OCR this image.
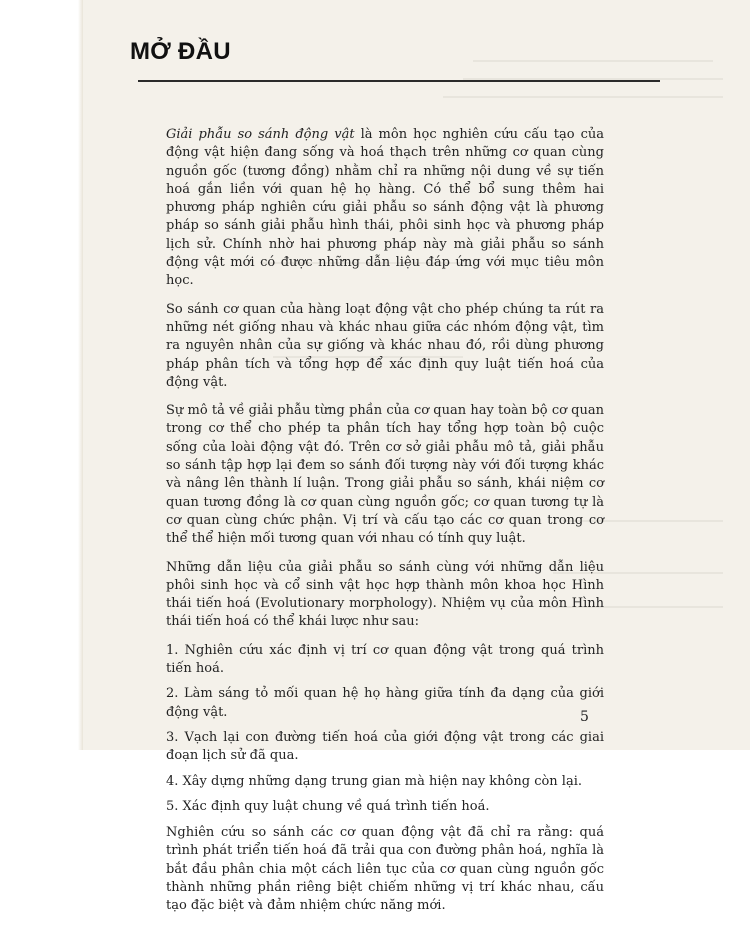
MỞ ĐẦU

Giải phẫu so sánh động vật là môn học nghiên cứu cấu tạo của động vật hiện đang sống và hoá thạch trên những cơ quan cùng nguồn gốc (tương đồng) nhằm chỉ ra những nội dung về sự tiến hoá gắn liền với quan hệ họ hàng. Có thể bổ sung thêm hai phương pháp nghiên cứu giải phẫu so sánh động vật là phương pháp so sánh giải phẫu hình thái, phôi sinh học và phương pháp lịch sử. Chính nhờ hai phương pháp này mà giải phẫu so sánh động vật mới có được những dẫn liệu đáp ứng với mục tiêu môn học.

So sánh cơ quan của hàng loạt động vật cho phép chúng ta rút ra những nét giống nhau và khác nhau giữa các nhóm động vật, tìm ra nguyên nhân của sự giống và khác nhau đó, rồi dùng phương pháp phân tích và tổng hợp để xác định quy luật tiến hoá của động vật.

Sự mô tả về giải phẫu từng phần của cơ quan hay toàn bộ cơ quan trong cơ thể cho phép ta phân tích hay tổng hợp toàn bộ cuộc sống của loài động vật đó. Trên cơ sở giải phẫu mô tả, giải phẫu so sánh tập hợp lại đem so sánh đối tượng này với đối tượng khác và nâng lên thành lí luận. Trong giải phẫu so sánh, khái niệm cơ quan tương đồng là cơ quan cùng nguồn gốc; cơ quan tương tự là cơ quan cùng chức phận. Vị trí và cấu tạo các cơ quan trong cơ thể thể hiện mối tương quan với nhau có tính quy luật.

Những dẫn liệu của giải phẫu so sánh cùng với những dẫn liệu phôi sinh học và cổ sinh vật học hợp thành môn khoa học Hình thái tiến hoá (Evolutionary morphology). Nhiệm vụ của môn Hình thái tiến hoá có thể khái lược như sau:

1. Nghiên cứu xác định vị trí cơ quan động vật trong quá trình tiến hoá.
2. Làm sáng tỏ mối quan hệ họ hàng giữa tính đa dạng của giới động vật.
3. Vạch lại con đường tiến hoá của giới động vật trong các giai đoạn lịch sử đã qua.
4. Xây dựng những dạng trung gian mà hiện nay không còn lại.
5. Xác định quy luật chung về quá trình tiến hoá.

Nghiên cứu so sánh các cơ quan động vật đã chỉ ra rằng: quá trình phát triển tiến hoá đã trải qua con đường phân hoá, nghĩa là bắt đầu phân chia một cách liên tục của cơ quan cùng nguồn gốc thành những phần riêng biệt chiếm những vị trí khác nhau, cấu tạo đặc biệt và đảm nhiệm chức năng mới.

5
